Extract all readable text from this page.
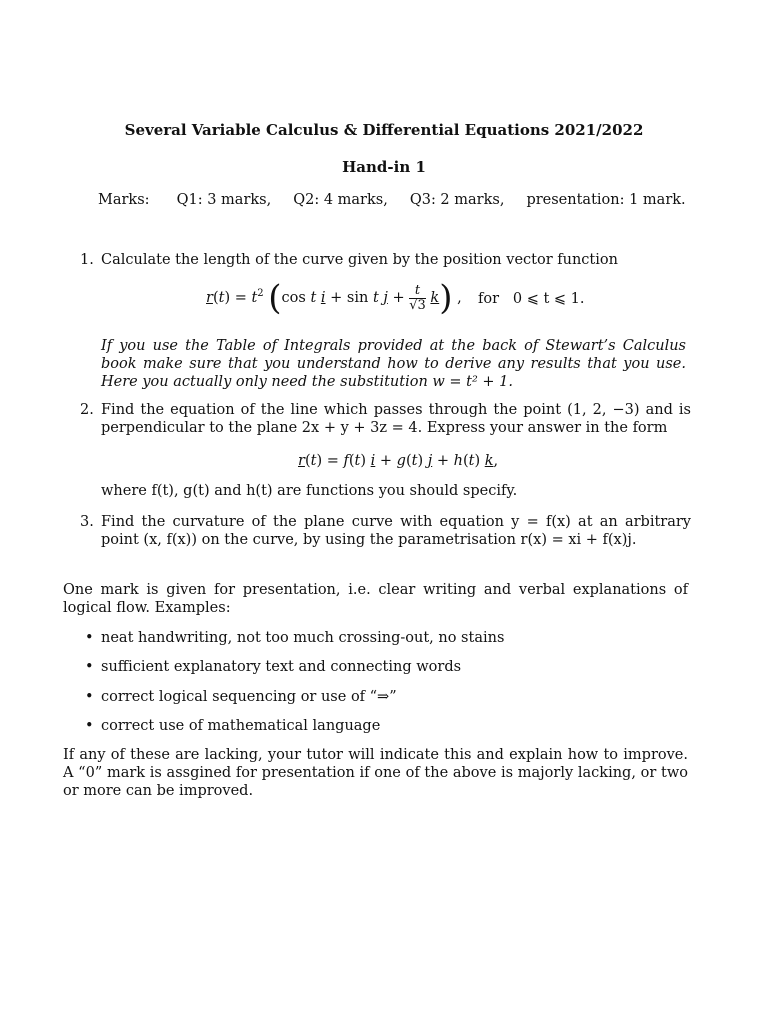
Several Variable Calculus & Differential Equations 2021/2022
Hand-in 1
Marks: Q1: 3 marks, Q2: 4 marks, Q3: 2 marks, presentation: 1 mark.
1. Calculate the length of the curve given by the position vector function
$r(t) = t^2$ (cos t i + sin t $j + \frac{t}{√3} k$) , for   0 ⩽ t ⩽ 1.
If you use the Table of Integrals provided at the back of Stewart’s Calculus book make sure that you understand how to derive any results that you use. Here you actually only need the substitution w = t² + 1.
2. Find the equation of the line which passes through the point (1, 2, −3) and is perpendicular to the plane 2x + y + 3z = 4. Express your answer in the form
r(t) = f(t) i + g(t) j + h(t) k,
where f(t), g(t) and h(t) are functions you should specify.
3. Find the curvature of the plane curve with equation y = f(x) at an arbitrary point (x, f(x)) on the curve, by using the parametrisation r(x) = xi + f(x)j.
One mark is given for presentation, i.e. clear writing and verbal explanations of logical flow. Examples:
• neat handwriting, not too much crossing-out, no stains
• sufficient explanatory text and connecting words
• correct logical sequencing or use of “⇒”
• correct use of mathematical language
If any of these are lacking, your tutor will indicate this and explain how to improve. A “0” mark is assgined for presentation if one of the above is majorly lacking, or two or more can be improved.
